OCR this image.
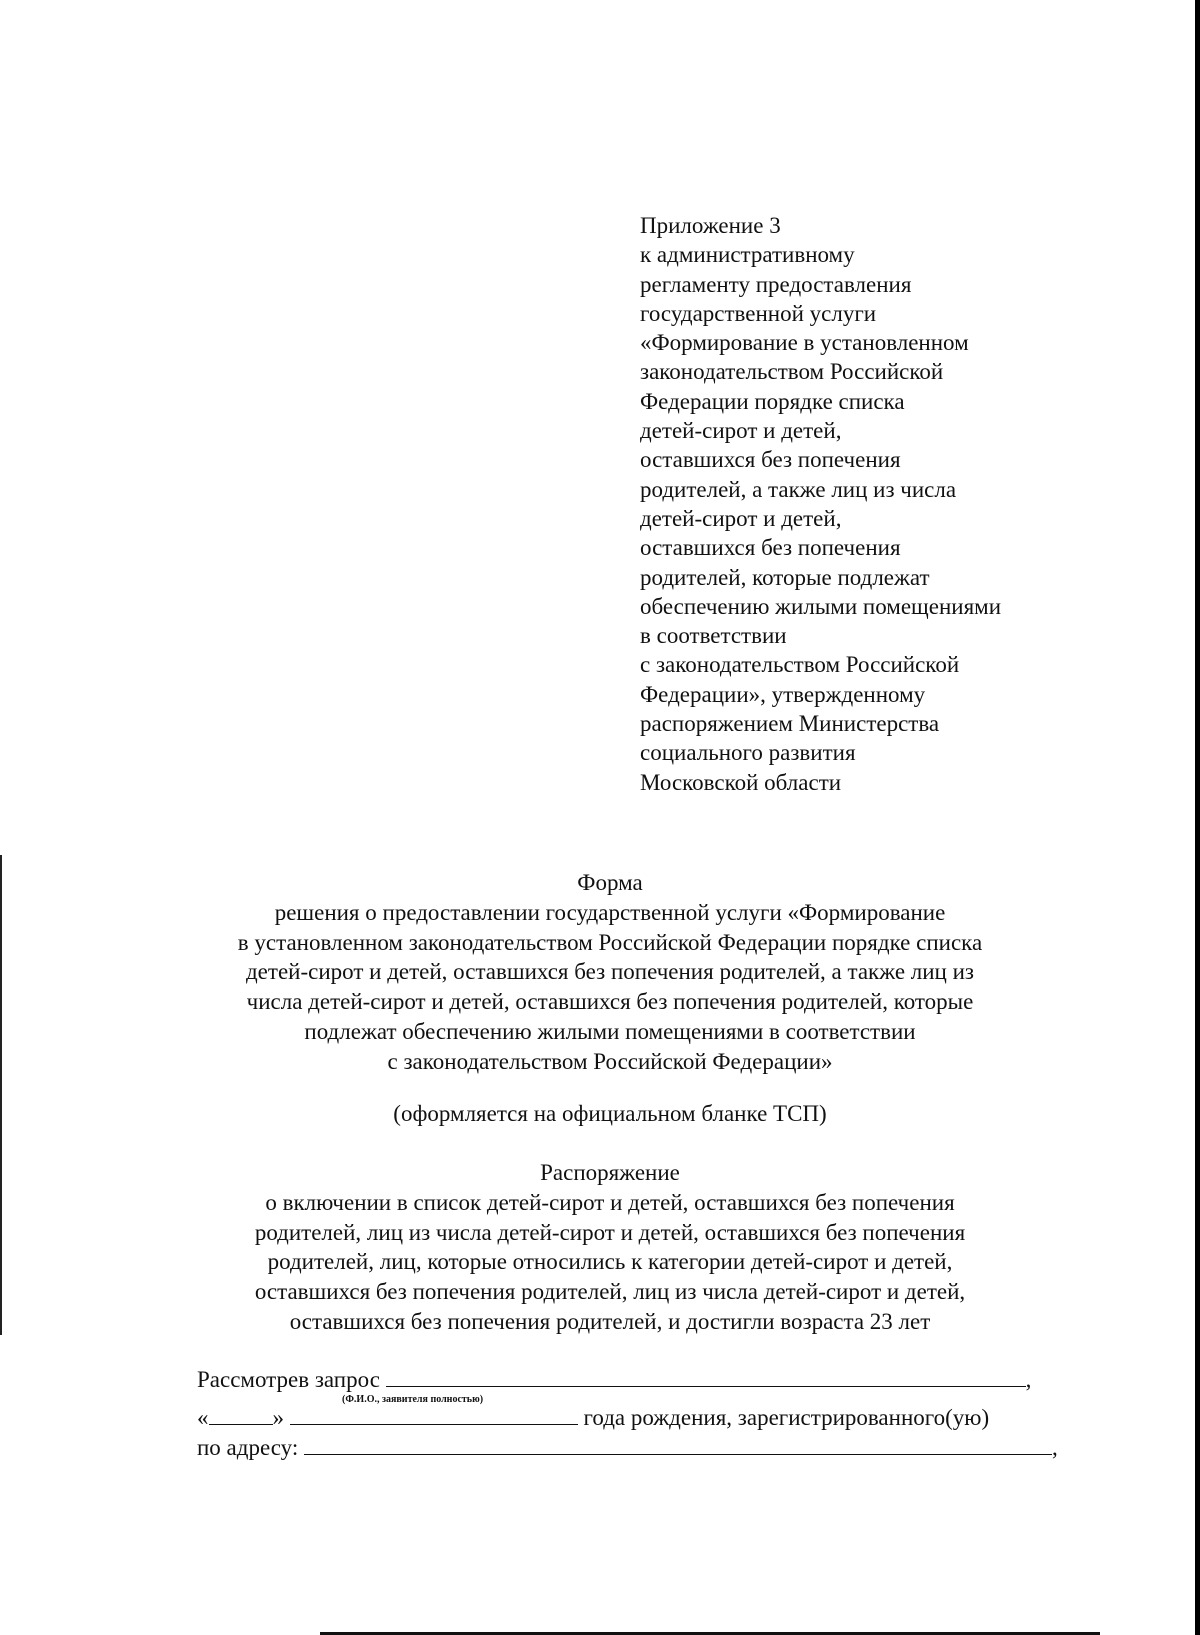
Приложение 3
к административному
регламенту предоставления
государственной услуги
«Формирование в установленном
законодательством Российской
Федерации порядке списка
детей-сирот и детей,
оставшихся без попечения
родителей, а также лиц из числа
детей-сирот и детей,
оставшихся без попечения
родителей, которые подлежат
обеспечению жилыми помещениями
в соответствии
с законодательством Российской
Федерации», утвержденному
распоряжением Министерства
социального развития
Московской области
Форма
решения о предоставлении государственной услуги «Формирование
в установленном законодательством Российской Федерации порядке списка
детей-сирот и детей, оставшихся без попечения родителей, а также лиц из
числа детей-сирот и детей, оставшихся без попечения родителей, которые
подлежат обеспечению жилыми помещениями в соответствии
с законодательством Российской Федерации»
(оформляется на официальном бланке ТСП)
Распоряжение
о включении в список детей-сирот и детей, оставшихся без попечения
родителей, лиц из числа детей-сирот и детей, оставшихся без попечения
родителей, лиц, которые относились к категории детей-сирот и детей,
оставшихся без попечения родителей, лиц из числа детей-сирот и детей,
оставшихся без попечения родителей, и достигли возраста 23 лет
Рассмотрев запрос	,
«	»	года рождения, зарегистрированного(ую)
по адресу:	,
(Ф.И.О., заявителя полностью)
